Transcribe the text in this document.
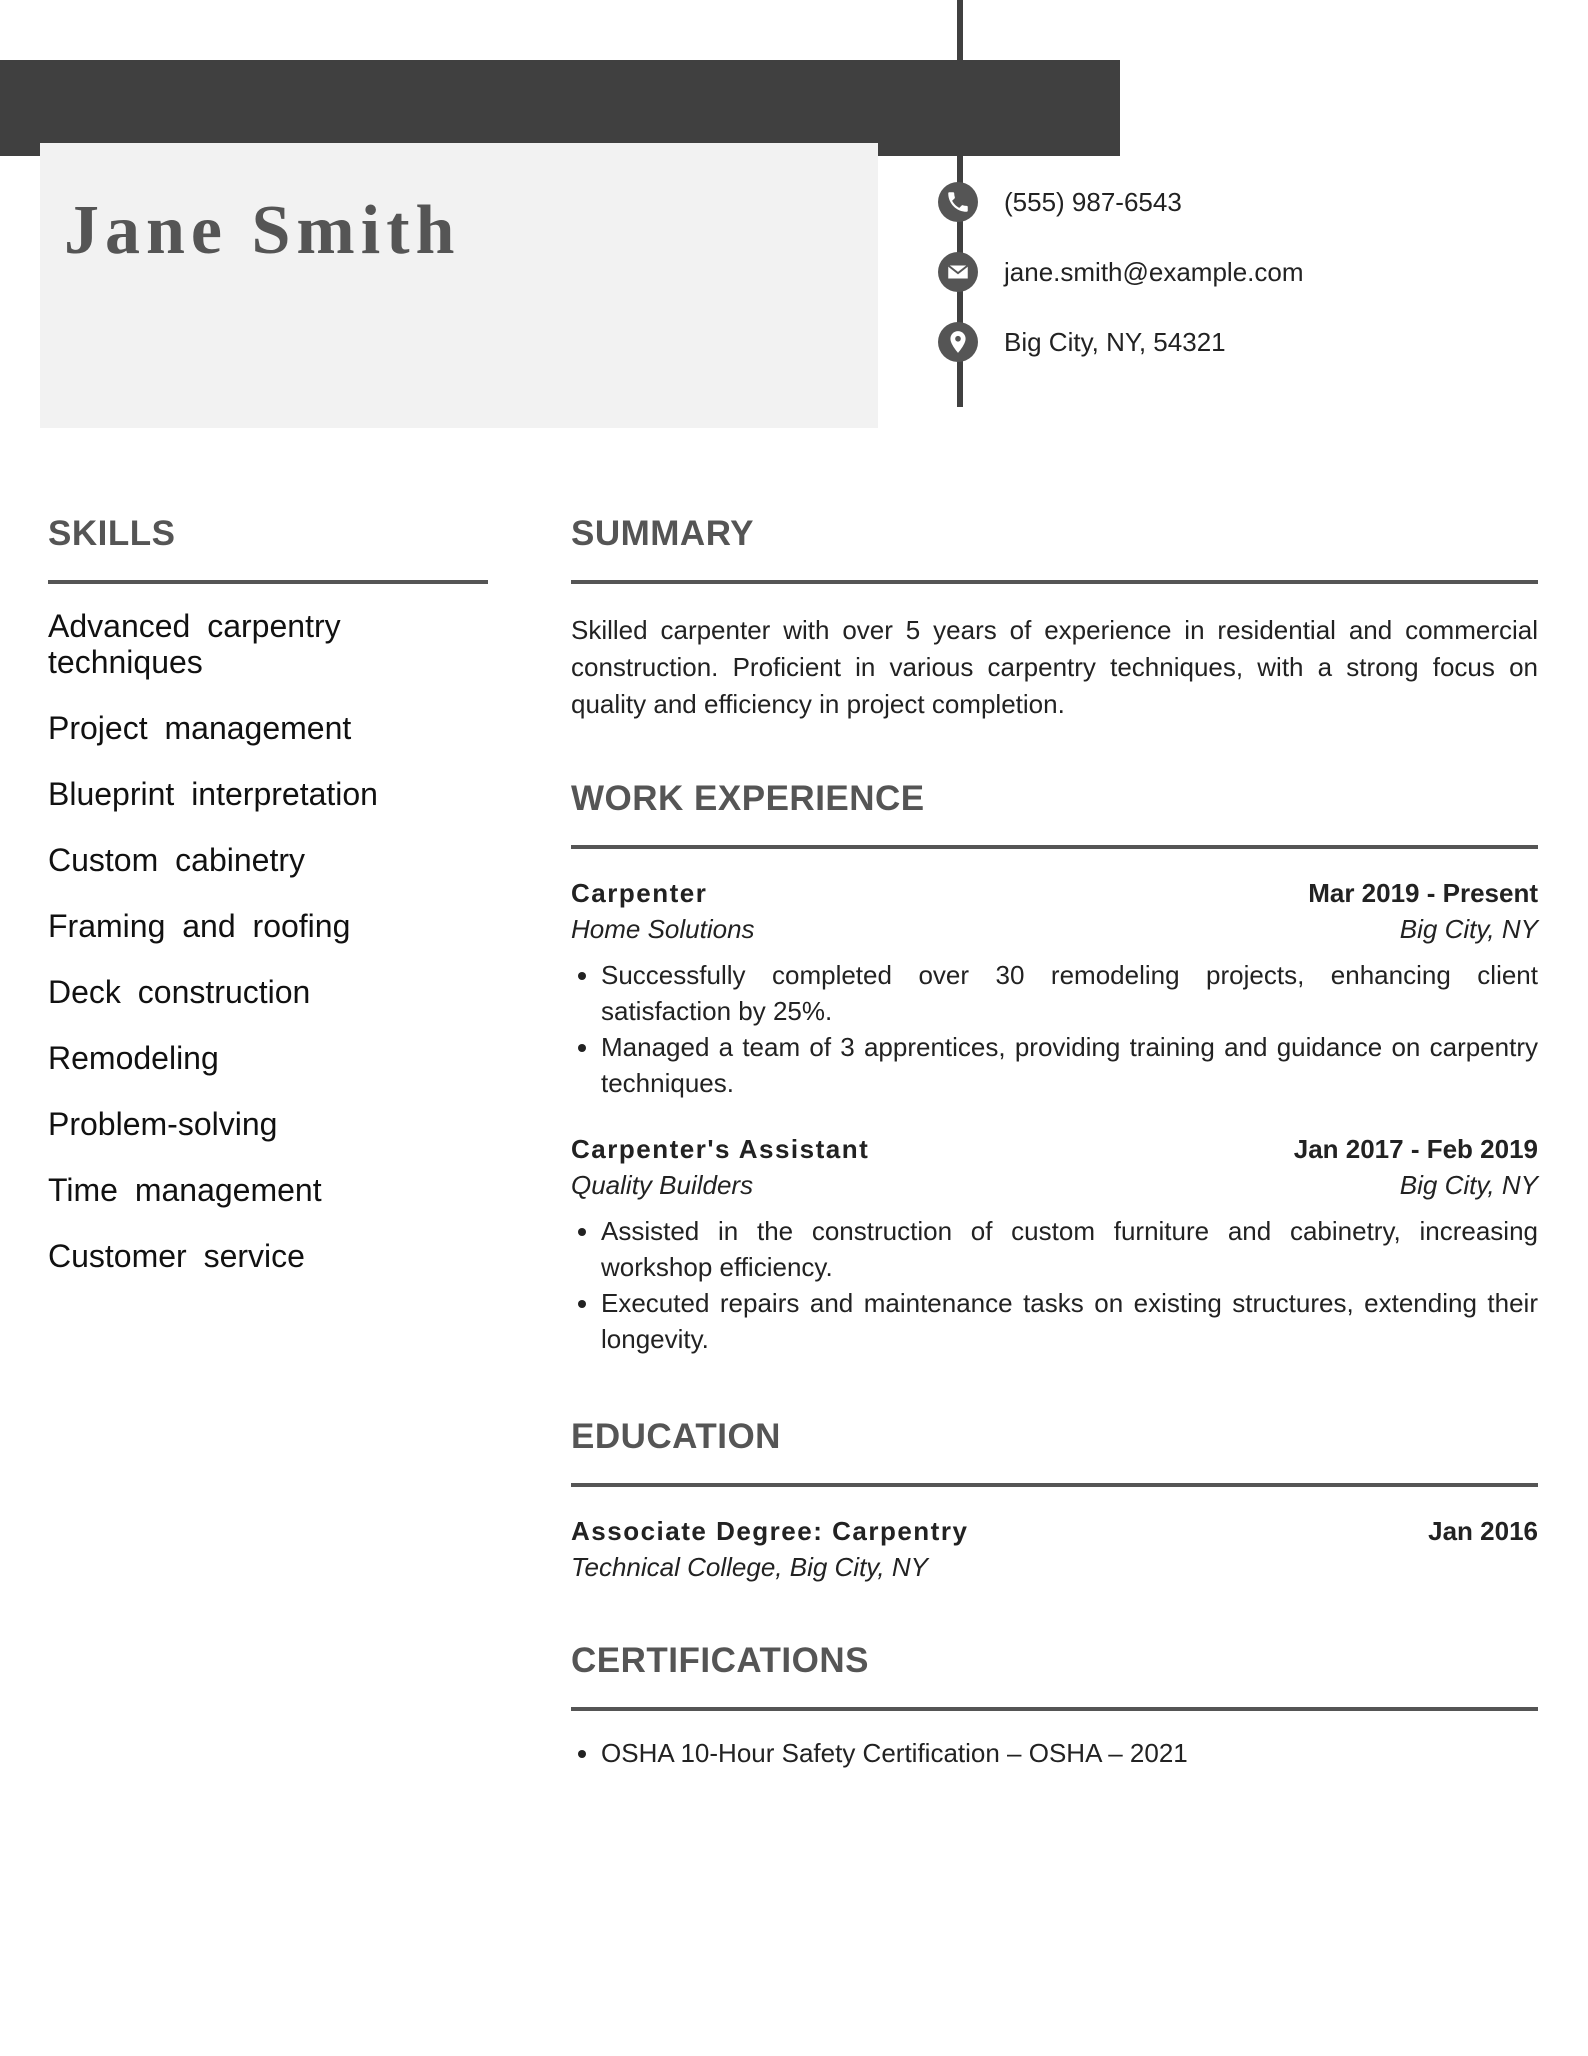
Jane Smith	(555) 987-6543
jane.smith@example.com
Big City, NY, 54321
SKILLS
Advanced carpentry techniques
Project management
Blueprint interpretation
Custom cabinetry
Framing and roofing
Deck construction
Remodeling
Problem-solving
Time management
Customer service
SUMMARY

Skilled carpenter with over 5 years of experience in residential and commercial construction. Proficient in various carpentry techniques, with a strong focus on quality and efficiency in project completion.

WORK EXPERIENCE
Carpenter	Mar 2019 - Present
Home Solutions	Big City, NY
• Successfully completed over 30 remodeling projects, enhancing client satisfaction by 25%.
• Managed a team of 3 apprentices, providing training and guidance on carpentry techniques.
Carpenter's Assistant	Jan 2017 - Feb 2019
Quality Builders	Big City, NY
• Assisted in the construction of custom furniture and cabinetry, increasing workshop efficiency.
• Executed repairs and maintenance tasks on existing structures, extending their longevity.
EDUCATION
Associate Degree: Carpentry	Jan 2016
Technical College, Big City, NY
CERTIFICATIONS
• OSHA 10-Hour Safety Certification – OSHA – 2021
